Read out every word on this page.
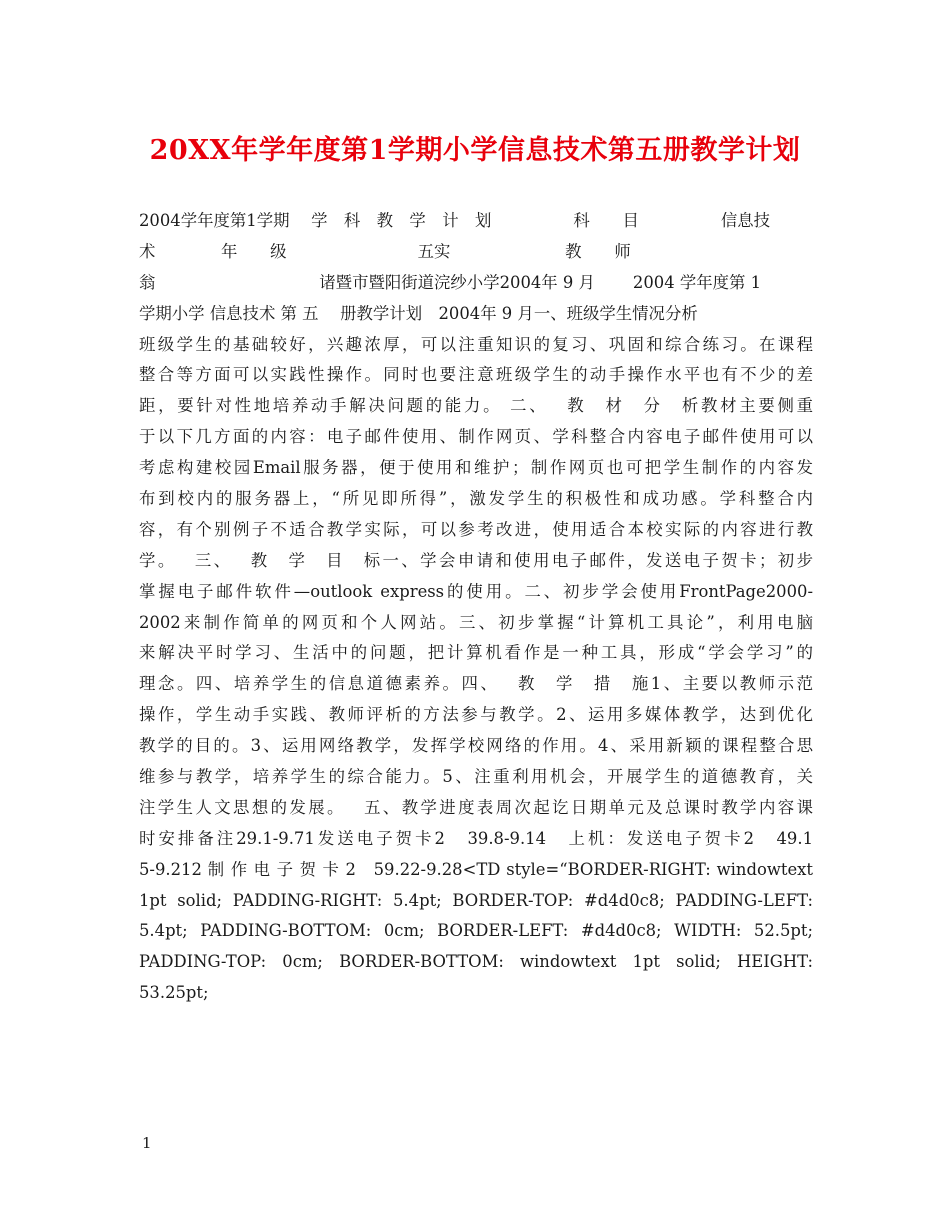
20XX年学年度第1学期小学信息技术第五册教学计划
2004学年度第1学期　 学　科　教　学　计　划　　　　　科　　目　　　　　信息技
术　　　　年　　级　　　　　　　　五实　　　　　　　教　　师
翁　　　　　　　　　　诸暨市暨阳街道浣纱小学2004年 9 月　　 2004 学年度第 1
学期小学 信息技术 第 五　 册教学计划　2004年 9 月一、班级学生情况分析
班级学生的基础较好，兴趣浓厚，可以注重知识的复习、巩固和综合练习。在课程
整合等方面可以实践性操作。同时也要注意班级学生的动手操作水平也有不少的差
距，要针对性地培养动手解决问题的能力。 二、　 教　材　分　析教材主要侧重
于以下几方面的内容：电子邮件使用、制作网页、学科整合内容电子邮件使用可以
考虑构建校园Email服务器，便于使用和维护；制作网页也可把学生制作的内容发
布到校内的服务器上，“所见即所得”，激发学生的积极性和成功感。学科整合内
容，有个别例子不适合教学实际，可以参考改进，使用适合本校实际的内容进行教
学。　 三、　 教　学　目　标一、学会申请和使用电子邮件，发送电子贺卡；初步
掌握电子邮件软件—outlook express的使用。二、初步学会使用FrontPage2000-
2002来制作简单的网页和个人网站。三、初步掌握“计算机工具论”，利用电脑
来解决平时学习、生活中的问题，把计算机看作是一种工具，形成“学会学习”的
理念。四、培养学生的信息道德素养。四、　 教　学　措　施1、主要以教师示范
操作，学生动手实践、教师评析的方法参与教学。2、运用多媒体教学，达到优化
教学的目的。3、运用网络教学，发挥学校网络的作用。4、采用新颖的课程整合思
维参与教学，培养学生的综合能力。5、注重利用机会，开展学生的道德教育，关
注学生人文思想的发展。　 五、教学进度表周次起讫日期单元及总课时教学内容课
时安排备注29.1-9.71发送电子贺卡2　39.8-9.14　上机：发送电子贺卡2　49.1
5-9.212 制 作 电 子 贺 卡 2　59.22-9.28<TD style=“BORDER-RIGHT: windowtext
1pt solid; PADDING-RIGHT: 5.4pt; BORDER-TOP: #d4d0c8; PADDING-LEFT:
5.4pt; PADDING-BOTTOM: 0cm; BORDER-LEFT: #d4d0c8; WIDTH: 52.5pt;
PADDING-TOP: 0cm; BORDER-BOTTOM: windowtext 1pt solid; HEIGHT: 53.25pt;
1
